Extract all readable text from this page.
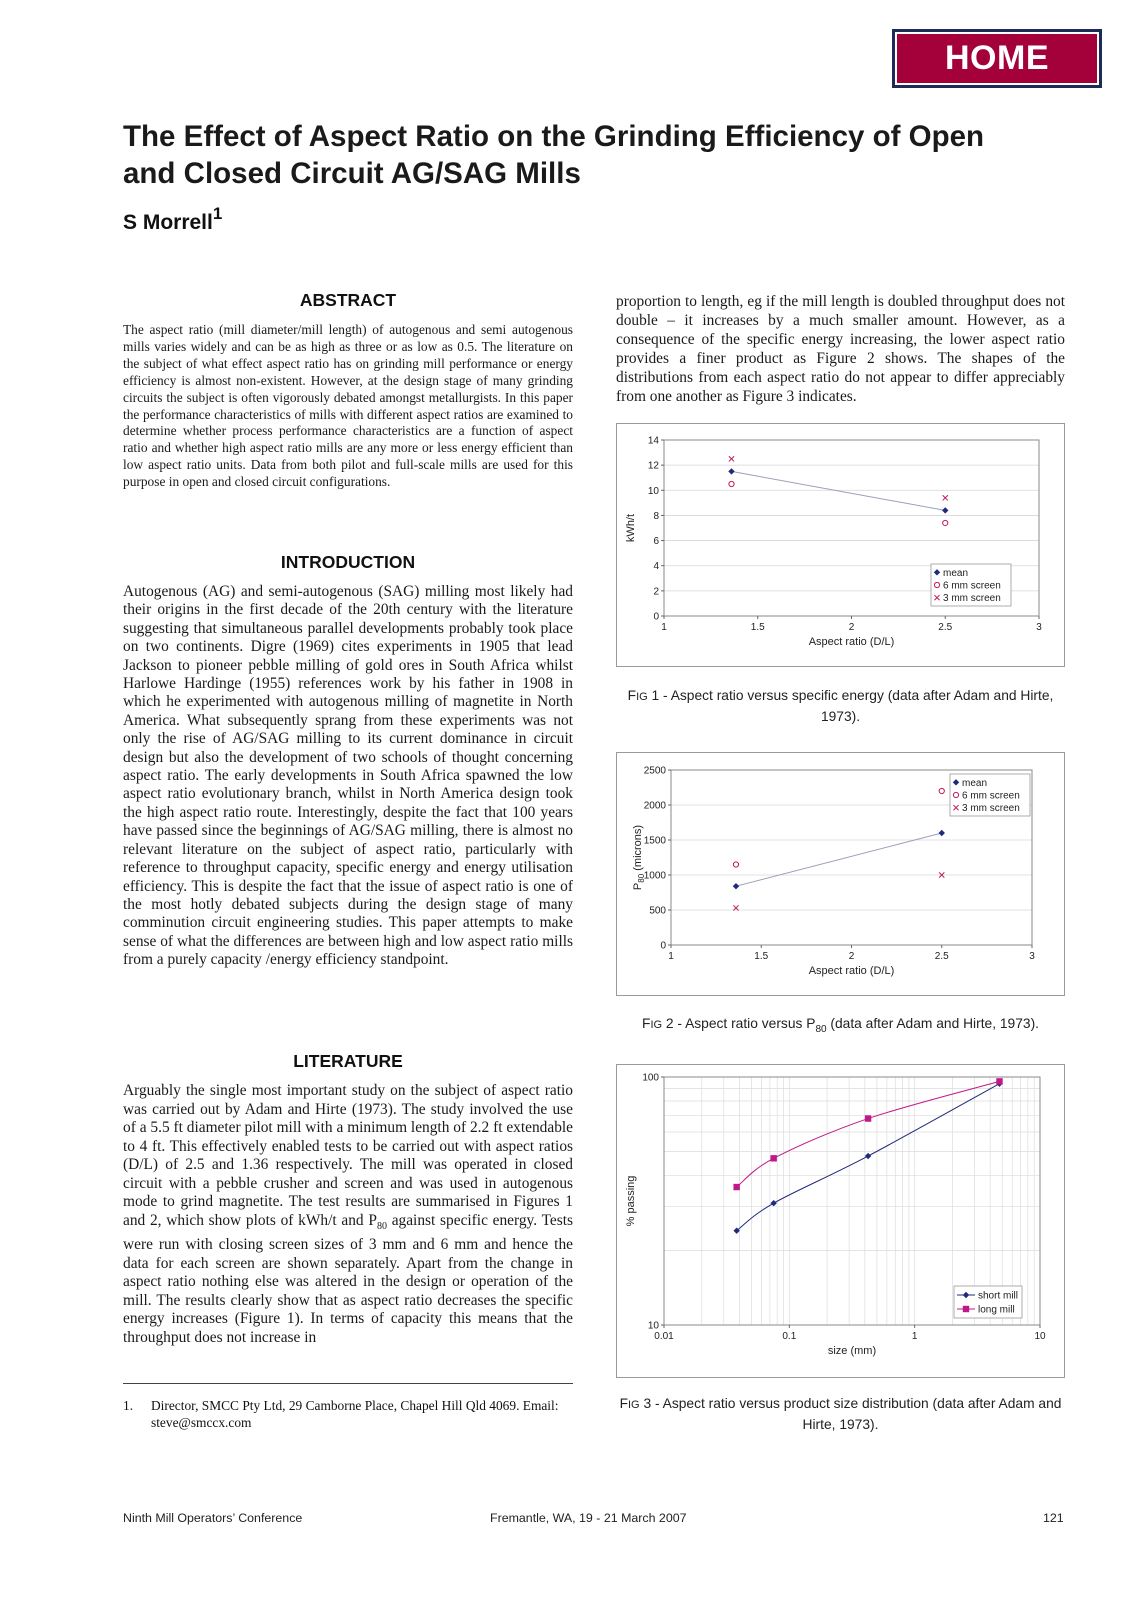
HOME
The Effect of Aspect Ratio on the Grinding Efficiency of Open and Closed Circuit AG/SAG Mills

S Morrell$^1$

ABSTRACT

The aspect ratio (mill diameter/mill length) of autogenous and semi autogenous mills varies widely and can be as high as three or as low as 0.5. The literature on the subject of what effect aspect ratio has on grinding mill performance or energy efficiency is almost non-existent. However, at the design stage of many grinding circuits the subject is often vigorously debated amongst metallurgists. In this paper the performance characteristics of mills with different aspect ratios are examined to determine whether process performance characteristics are a function of aspect ratio and whether high aspect ratio mills are any more or less energy efficient than low aspect ratio units. Data from both pilot and full-scale mills are used for this purpose in open and closed circuit configurations.

INTRODUCTION

Autogenous (AG) and semi-autogenous (SAG) milling most likely had their origins in the first decade of the 20th century with the literature suggesting that simultaneous parallel developments probably took place on two continents. Digre (1969) cites experiments in 1905 that lead Jackson to pioneer pebble milling of gold ores in South Africa whilst Harlowe Hardinge (1955) references work by his father in 1908 in which he experimented with autogenous milling of magnetite in North America. What subsequently sprang from these experiments was not only the rise of AG/SAG milling to its current dominance in circuit design but also the development of two schools of thought concerning aspect ratio. The early developments in South Africa spawned the low aspect ratio evolutionary branch, whilst in North America design took the high aspect ratio route. Interestingly, despite the fact that 100 years have passed since the beginnings of AG/SAG milling, there is almost no relevant literature on the subject of aspect ratio, particularly with reference to throughput capacity, specific energy and energy utilisation efficiency. This is despite the fact that the issue of aspect ratio is one of the most hotly debated subjects during the design stage of many comminution circuit engineering studies. This paper attempts to make sense of what the differences are between high and low aspect ratio mills from a purely capacity /energy efficiency standpoint.

LITERATURE

Arguably the single most important study on the subject of aspect ratio was carried out by Adam and Hirte (1973). The study involved the use of a 5.5 ft diameter pilot mill with a minimum length of 2.2 ft extendable to 4 ft. This effectively enabled tests to be carried out with aspect ratios (D/L) of 2.5 and 1.36 respectively. The mill was operated in closed circuit with a pebble crusher and screen and was used in autogenous mode to grind magnetite. The test results are summarised in Figures 1 and 2, which show plots of kWh/t and $P_{80}$ against specific energy. Tests were run with closing screen sizes of 3 mm and 6 mm and hence the data for each screen are shown separately. Apart from the change in aspect ratio nothing else was altered in the design or operation of the mill. The results clearly show that as aspect ratio decreases the specific energy increases (Figure 1). In terms of capacity this means that the throughput does not increase in

1.	Director, SMCC Pty Ltd, 29 Camborne Place, Chapel Hill Qld 4069. Email: steve@smccx.com

proportion to length, eg if the mill length is doubled throughput does not double – it increases by a much smaller amount. However, as a consequence of the specific energy increasing, the lower aspect ratio provides a finer product as Figure 2 shows. The shapes of the distributions from each aspect ratio do not appear to differ appreciably from one another as Figure 3 indicates.

0
2
4
6
8
10
12
14
1	1.5	2	2.5	3
Aspect ratio (D/L)
kWh/t
mean
6 mm screen
3 mm screen

FIG 1 - Aspect ratio versus specific energy (data after Adam and Hirte, 1973).

0
500
1000
1500
2000
2500
1	1.5	2	2.5	3
Aspect ratio (D/L)
$P_{80}$ (microns)
mean
6 mm screen
3 mm screen

FIG 2 - Aspect ratio versus $P_{80}$ (data after Adam and Hirte, 1973).

10
100
0.01	0.1	1	10
size (mm)
% passing
short mill
long mill

FIG 3 - Aspect ratio versus product size distribution (data after Adam and Hirte, 1973).

Ninth Mill Operators’ Conference	Fremantle, WA, 19 - 21 March 2007	121
